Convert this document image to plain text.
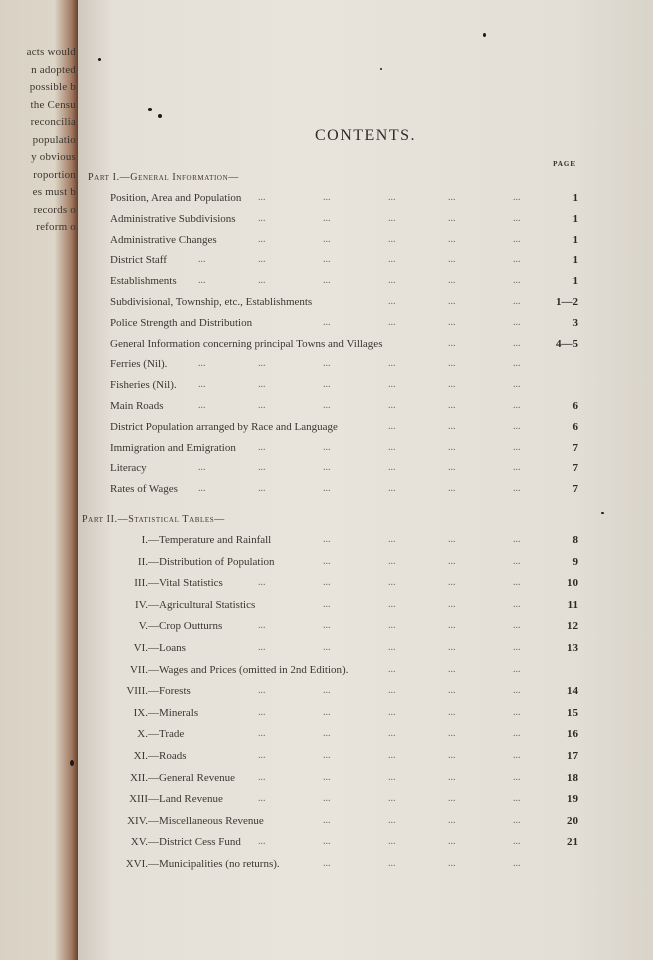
acts would
n adopted
possible b
the Censu
reconcilia
populatio
y obvious
roportion
es must b
records o
reform o
CONTENTS.
PAGE
Part I.—General Information—
Position, Area and Population ...	...	...	...	...	1
Administrative Subdivisions ...	...	...	...	...	1
Administrative Changes	...	...	...	...	...	1
District Staff	...	...	...	...	...	...	1
Establishments ...	...	...	...	...	...	1
Subdivisional, Township, etc., Establishments	...	...	...	1—2
Police Strength and Distribution	...	...	...	...	3
General Information concerning principal Towns and Villages	...	...	4—5
Ferries (Nil).	...	...	...	...	...	...
Fisheries (Nil). ...	...	...	...	...	...
Main Roads	...	...	...	...	...	...	6
District Population arranged by Race and Language	...	...	...	6
Immigration and Emigration ...	...	...	...	...	7
Literacy	...	...	...	...	...	...	7
Rates of Wages ...	...	...	...	...	...	7
Part II.—Statistical Tables—
I.—Temperature and Rainfall	...	...	...	...	8
II.—Distribution of Population	...	...	...	...	9
III.—Vital Statistics	...	...	...	...	...	10
IV.—Agricultural Statistics	...	...	...	...	11
V.—Crop Outturns	...	...	...	...	...	12
VI.—Loans	...	...	...	...	...	13
VII.—Wages and Prices (omitted in 2nd Edition).	...	...	...
VIII.—Forests	...	...	...	...	...	14
IX.—Minerals	...	...	...	...	...	15
X.—Trade	...	...	...	...	...	16
XI.—Roads	...	...	...	...	...	17
XII.—General Revenue ...	...	...	...	...	18
XIII—Land Revenue	...	...	...	...	...	19
XIV.—Miscellaneous Revenue	...	...	...	...	20
XV.—District Cess Fund ...	...	...	...	...	21
XVI.—Municipalities (no returns).	...	...	...	...
